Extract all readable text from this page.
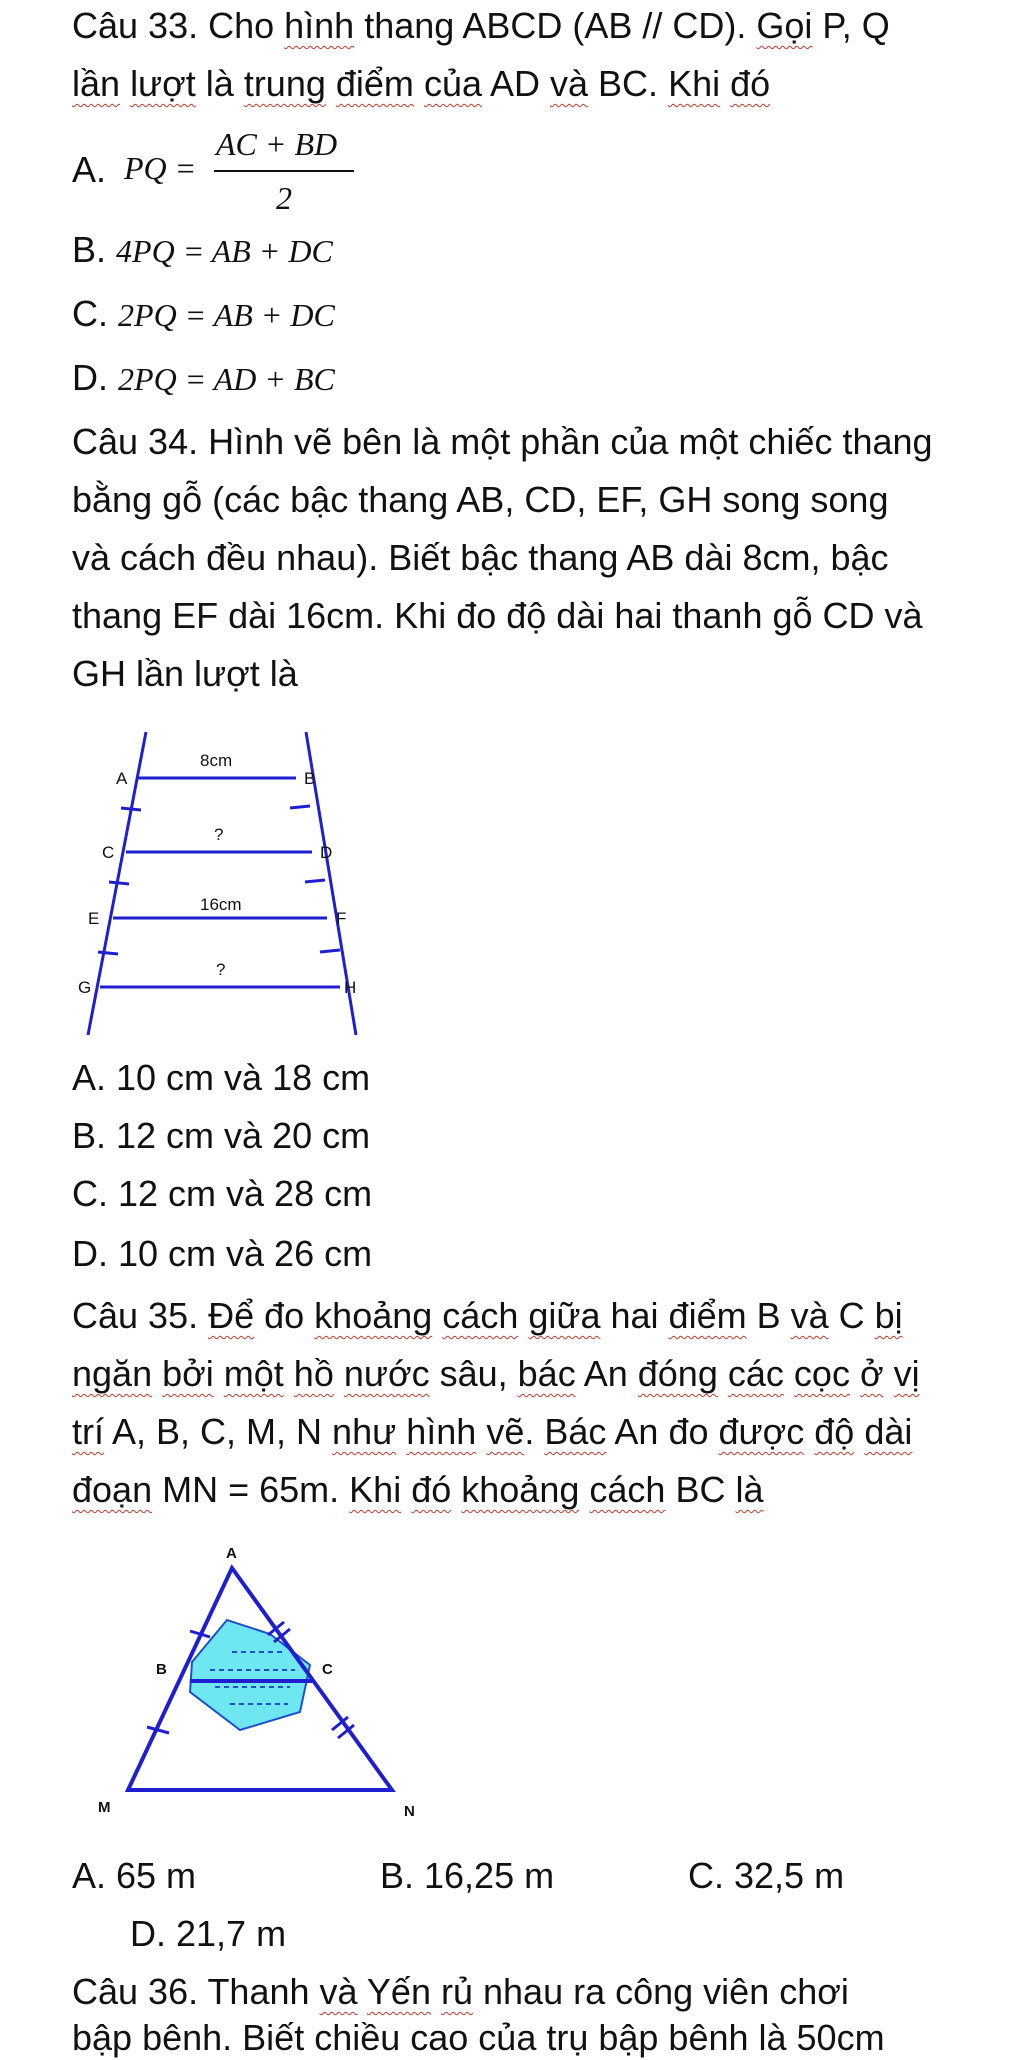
Câu 33. Cho hình thang ABCD (AB // CD). Gọi P, Q
lần lượt là trung điểm của AD và BC. Khi đó
A. PQ =
AC + BD
2
B. 4PQ = AB + DC
C. 2PQ = AB + DC
D. 2PQ = AD + BC
Câu 34. Hình vẽ bên là một phần của một chiếc thang
bằng gỗ (các bậc thang AB, CD, EF, GH song song
và cách đều nhau). Biết bậc thang AB dài 8cm, bậc
thang EF dài 16cm. Khi đo độ dài hai thanh gỗ CD và
GH lần lượt là
A	B
C	D
E	F
G	H
8cm
?
16cm
?
A. 10 cm và 18 cm
B. 12 cm và 20 cm
C. 12 cm và 28 cm
D. 10 cm và 26 cm
Câu 35. Để đo khoảng cách giữa hai điểm B và C bị
ngăn bởi một hồ nước sâu, bác An đóng các cọc ở vị
trí A, B, C, M, N như hình vẽ. Bác An đo được độ dài
đoạn MN = 65m. Khi đó khoảng cách BC là
A
B	C
M	N
A. 65 m	B. 16,25 m	C. 32,5 m
D. 21,7 m
Câu 36. Thanh và Yến rủ nhau ra công viên chơi
bập bênh. Biết chiều cao của trụ bập bênh là 50cm
